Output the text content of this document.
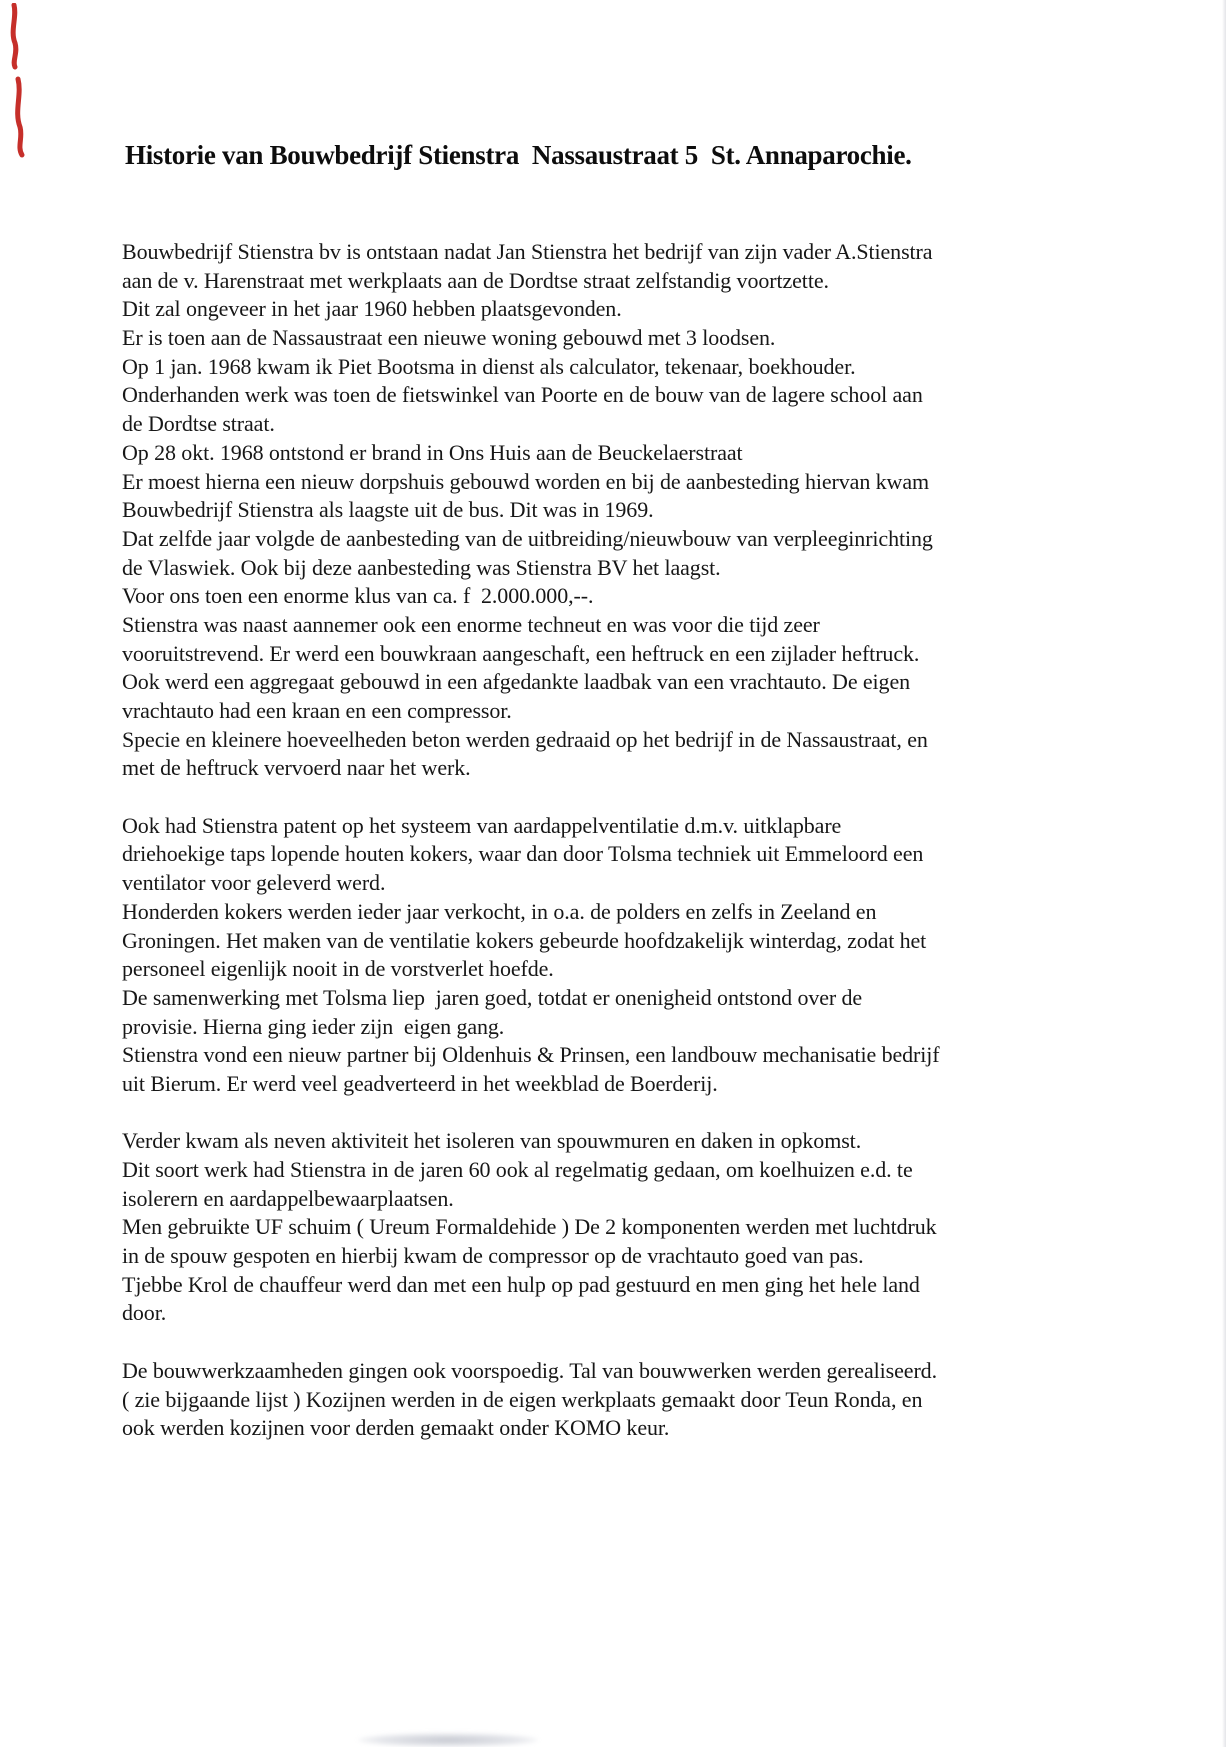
Historie van Bouwbedrijf Stienstra  Nassaustraat 5  St. Annaparochie.
Bouwbedrijf Stienstra bv is ontstaan nadat Jan Stienstra het bedrijf van zijn vader A.Stienstra
aan de v. Harenstraat met werkplaats aan de Dordtse straat zelfstandig voortzette.
Dit zal ongeveer in het jaar 1960 hebben plaatsgevonden.
Er is toen aan de Nassaustraat een nieuwe woning gebouwd met 3 loodsen.
Op 1 jan. 1968 kwam ik Piet Bootsma in dienst als calculator, tekenaar, boekhouder.
Onderhanden werk was toen de fietswinkel van Poorte en de bouw van de lagere school aan
de Dordtse straat.
Op 28 okt. 1968 ontstond er brand in Ons Huis aan de Beuckelaerstraat
Er moest hierna een nieuw dorpshuis gebouwd worden en bij de aanbesteding hiervan kwam
Bouwbedrijf Stienstra als laagste uit de bus. Dit was in 1969.
Dat zelfde jaar volgde de aanbesteding van de uitbreiding/nieuwbouw van verpleeginrichting
de Vlaswiek. Ook bij deze aanbesteding was Stienstra BV het laagst.
Voor ons toen een enorme klus van ca. f  2.000.000,--.
Stienstra was naast aannemer ook een enorme techneut en was voor die tijd zeer
vooruitstrevend. Er werd een bouwkraan aangeschaft, een heftruck en een zijlader heftruck.
Ook werd een aggregaat gebouwd in een afgedankte laadbak van een vrachtauto. De eigen
vrachtauto had een kraan en een compressor.
Specie en kleinere hoeveelheden beton werden gedraaid op het bedrijf in de Nassaustraat, en
met de heftruck vervoerd naar het werk.
Ook had Stienstra patent op het systeem van aardappelventilatie d.m.v. uitklapbare
driehoekige taps lopende houten kokers, waar dan door Tolsma techniek uit Emmeloord een
ventilator voor geleverd werd.
Honderden kokers werden ieder jaar verkocht, in o.a. de polders en zelfs in Zeeland en
Groningen. Het maken van de ventilatie kokers gebeurde hoofdzakelijk winterdag, zodat het
personeel eigenlijk nooit in de vorstverlet hoefde.
De samenwerking met Tolsma liep  jaren goed, totdat er onenigheid ontstond over de
provisie. Hierna ging ieder zijn  eigen gang.
Stienstra vond een nieuw partner bij Oldenhuis & Prinsen, een landbouw mechanisatie bedrijf
uit Bierum. Er werd veel geadverteerd in het weekblad de Boerderij.
Verder kwam als neven aktiviteit het isoleren van spouwmuren en daken in opkomst.
Dit soort werk had Stienstra in de jaren 60 ook al regelmatig gedaan, om koelhuizen e.d. te
isolerern en aardappelbewaarplaatsen.
Men gebruikte UF schuim ( Ureum Formaldehide ) De 2 komponenten werden met luchtdruk
in de spouw gespoten en hierbij kwam de compressor op de vrachtauto goed van pas.
Tjebbe Krol de chauffeur werd dan met een hulp op pad gestuurd en men ging het hele land
door.
De bouwwerkzaamheden gingen ook voorspoedig. Tal van bouwwerken werden gerealiseerd.
( zie bijgaande lijst ) Kozijnen werden in de eigen werkplaats gemaakt door Teun Ronda, en
ook werden kozijnen voor derden gemaakt onder KOMO keur.
